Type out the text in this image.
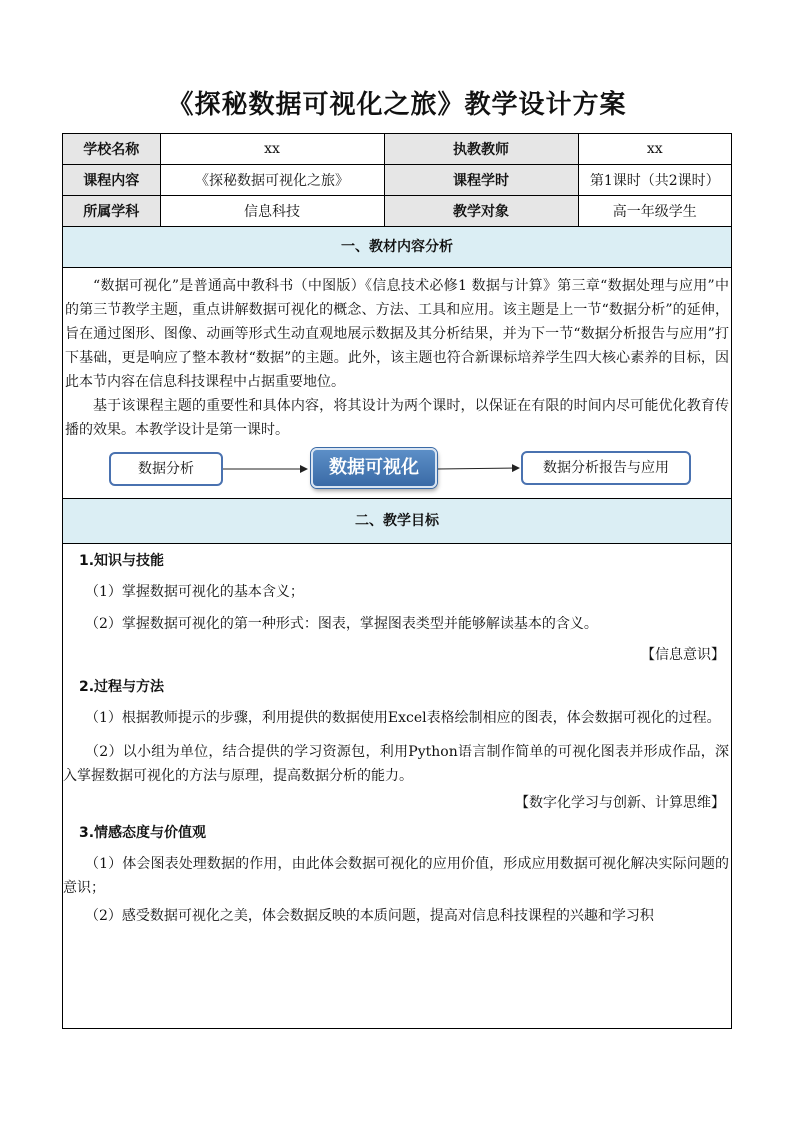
《探秘数据可视化之旅》教学设计方案
学校名称	xx	执教教师	xx
课程内容	《探秘数据可视化之旅》	课程学时	第1课时（共2课时）
所属学科	信息科技	教学对象	高一年级学生
一、教材内容分析

“数据可视化”是普通高中教科书（中图版）《信息技术必修1 数据与计算》第三章“数据处理与应用”中的第三节教学主题，重点讲解数据可视化的概念、方法、工具和应用。该主题是上一节“数据分析”的延伸，旨在通过图形、图像、动画等形式生动直观地展示数据及其分析结果，并为下一节“数据分析报告与应用”打下基础，更是响应了整本教材“数据”的主题。此外，该主题也符合新课标培养学生四大核心素养的目标，因此本节内容在信息科技课程中占据重要地位。

基于该课程主题的重要性和具体内容，将其设计为两个课时，以保证在有限的时间内尽可能优化教育传播的效果。本教学设计是第一课时。

数据分析	数据可视化	数据分析报告与应用
二、教学目标

1.知识与技能

（1）掌握数据可视化的基本含义；

（2）掌握数据可视化的第一种形式：图表，掌握图表类型并能够解读基本的含义。

【信息意识】

2.过程与方法

（1）根据教师提示的步骤，利用提供的数据使用Excel表格绘制相应的图表，体会数据可视化的过程。

（2）以小组为单位，结合提供的学习资源包，利用Python语言制作简单的可视化图表并形成作品，深入掌握数据可视化的方法与原理，提高数据分析的能力。

【数字化学习与创新、计算思维】

3.情感态度与价值观

（1）体会图表处理数据的作用，由此体会数据可视化的应用价值，形成应用数据可视化解决实际问题的意识；

（2）感受数据可视化之美，体会数据反映的本质问题，提高对信息科技课程的兴趣和学习积
